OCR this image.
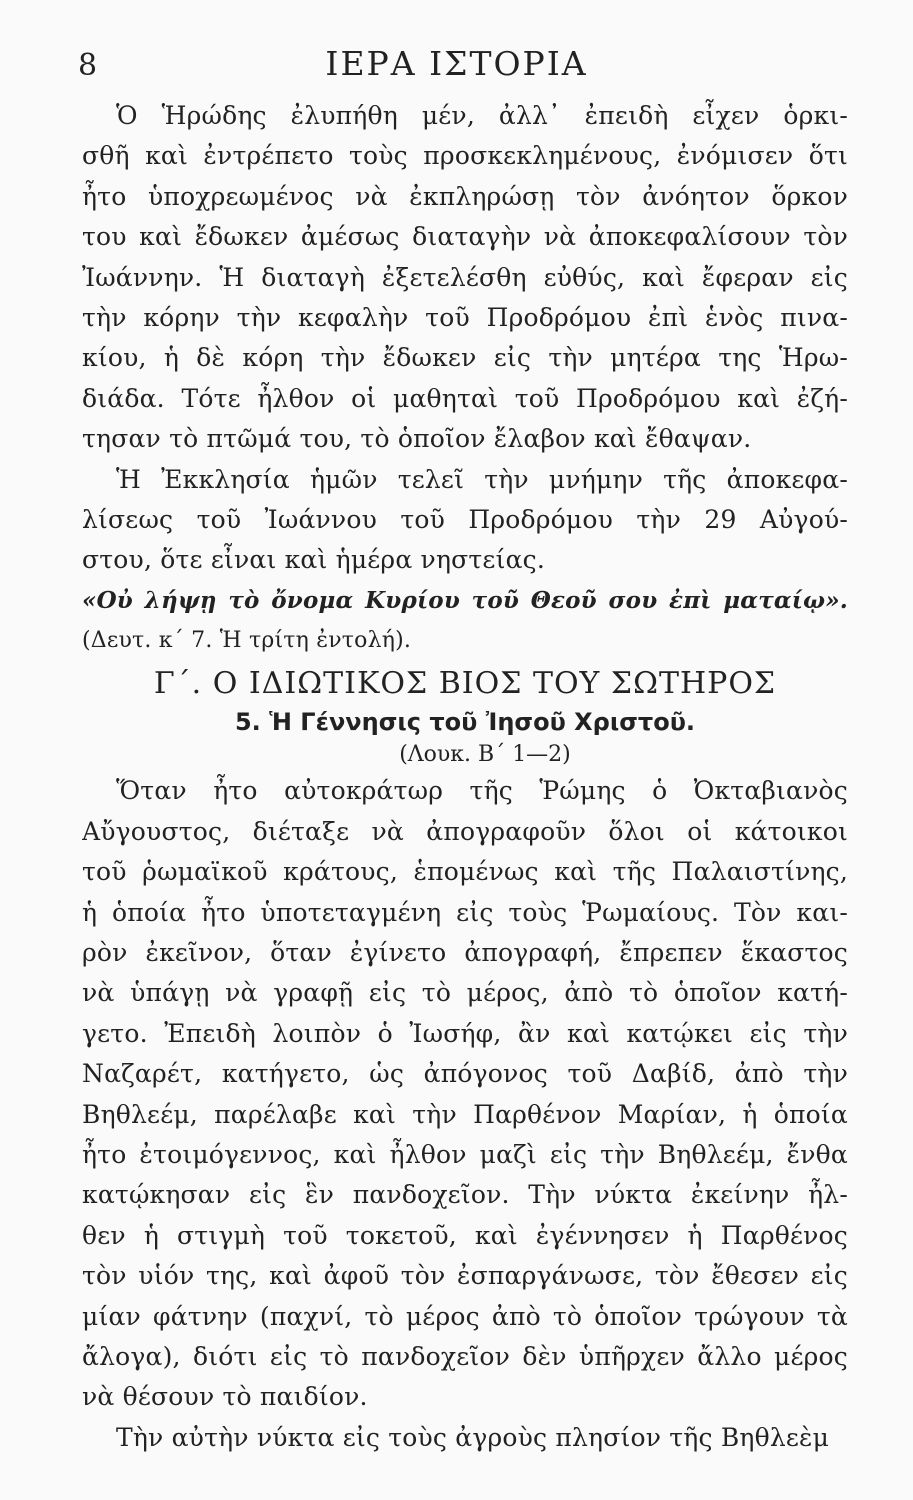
8	ΙΕΡΑ ΙΣΤΟΡΙΑ
Ὁ Ἡρώδης ἐλυπήθη μέν, ἀλλ᾽ ἐπειδὴ εἶχεν ὁρκι-
σθῆ καὶ ἐντρέπετο τοὺς προσκεκλημένους, ἐνόμισεν ὅτι
ἦτο ὑποχρεωμένος νὰ ἐκπληρώσῃ τὸν ἀνόητον ὅρκον
του καὶ ἔδωκεν ἀμέσως διαταγὴν νὰ ἀποκεφαλίσουν τὸν
Ἰωάννην. Ἡ διαταγὴ ἐξετελέσθη εὐθύς, καὶ ἔφεραν εἰς
τὴν κόρην τὴν κεφαλὴν τοῦ Προδρόμου ἐπὶ ἑνὸς πινα-
κίου, ἡ δὲ κόρη τὴν ἔδωκεν εἰς τὴν μητέρα της Ἡρω-
διάδα. Τότε ἦλθον οἱ μαθηταὶ τοῦ Προδρόμου καὶ ἐζή-
τησαν τὸ πτῶμά του, τὸ ὁποῖον ἔλαβον καὶ ἔθαψαν.
Ἡ Ἐκκλησία ἡμῶν τελεῖ τὴν μνήμην τῆς ἀποκεφα-
λίσεως τοῦ Ἰωάννου τοῦ Προδρόμου τὴν 29 Αὐγού-
στου, ὅτε εἶναι καὶ ἡμέρα νηστείας.
«Οὐ λήψῃ τὸ ὄνομα Κυρίου τοῦ Θεοῦ σου ἐπὶ ματαίῳ».
(Δευτ. κ΄ 7. Ἡ τρίτη ἐντολή).
Γ΄. Ο ΙΔΙΩΤΙΚΟΣ ΒΙΟΣ ΤΟΥ ΣΩΤΗΡΟΣ
5. Ἡ Γέννησις τοῦ Ἰησοῦ Χριστοῦ.
(Λουκ. Β΄ 1—2)
Ὅταν ἦτο αὐτοκράτωρ τῆς Ῥώμης ὁ Ὀκταβιανὸς
Αὔγουστος, διέταξε νὰ ἀπογραφοῦν ὅλοι οἱ κάτοικοι
τοῦ ῥωμαϊκοῦ κράτους, ἑπομένως καὶ τῆς Παλαιστίνης,
ἡ ὁποία ἦτο ὑποτεταγμένη εἰς τοὺς Ῥωμαίους. Τὸν και-
ρὸν ἐκεῖνον, ὅταν ἐγίνετο ἀπογραφή, ἔπρεπεν ἕκαστος
νὰ ὑπάγῃ νὰ γραφῇ εἰς τὸ μέρος, ἀπὸ τὸ ὁποῖον κατή-
γετο. Ἐπειδὴ λοιπὸν ὁ Ἰωσήφ, ἂν καὶ κατῴκει εἰς τὴν
Ναζαρέτ, κατήγετο, ὡς ἀπόγονος τοῦ Δαβίδ, ἀπὸ τὴν
Βηθλεέμ, παρέλαβε καὶ τὴν Παρθένον Μαρίαν, ἡ ὁποία
ἦτο ἐτοιμόγεννος, καὶ ἦλθον μαζὶ εἰς τὴν Βηθλεέμ, ἔνθα
κατῴκησαν εἰς ἓν πανδοχεῖον. Τὴν νύκτα ἐκείνην ἦλ-
θεν ἡ στιγμὴ τοῦ τοκετοῦ, καὶ ἐγέννησεν ἡ Παρθένος
τὸν υἱόν της, καὶ ἀφοῦ τὸν ἐσπαργάνωσε, τὸν ἔθεσεν εἰς
μίαν φάτνην (παχνί, τὸ μέρος ἀπὸ τὸ ὁποῖον τρώγουν τὰ
ἄλογα), διότι εἰς τὸ πανδοχεῖον δὲν ὑπῆρχεν ἄλλο μέρος
νὰ θέσουν τὸ παιδίον.
Τὴν αὐτὴν νύκτα εἰς τοὺς ἀγροὺς πλησίον τῆς Βηθλεὲμ
